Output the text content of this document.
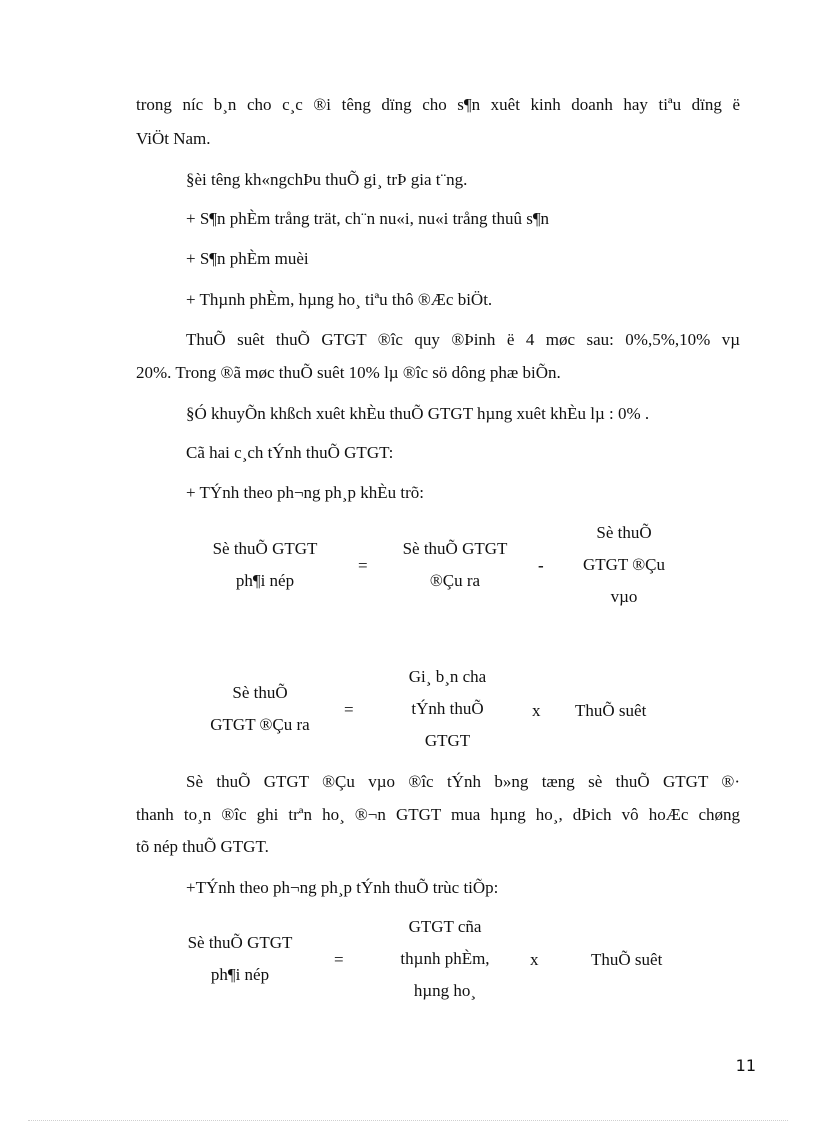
trong níc b¸n cho c¸c ®i têng dïng cho s¶n xuêt kinh doanh hay tiªu dïng ë
ViÖt Nam.
§èi têng kh«ngchÞu thuÕ gi¸ trÞ gia t¨ng.
+ S¶n phÈm trång trät, ch¨n nu«i, nu«i trång thuû s¶n
+ S¶n phÈm muèi
+ Thµnh phÈm, hµng ho¸ tiªu thô ®Æc biÖt.
ThuÕ suêt thuÕ GTGT ®îc quy ®Þinh ë 4 møc sau: 0%,5%,10% vµ
20%. Trong ®ã møc thuÕ suêt 10% lµ ®îc sö dông phæ biÕn.
§Ó khuyÕn khßch xuêt khÈu thuÕ GTGT hµng xuêt khÈu lµ : 0% .
Cã hai c¸ch tÝnh thuÕ GTGT:
+ TÝnh theo ph¬ng ph¸p khÈu trõ:
Sè thuÕ GTGT
ph¶i nép
=
Sè thuÕ GTGT
®Çu ra
-
Sè thuÕ
GTGT ®Çu
vµo
Sè thuÕ
GTGT ®Çu ra
=
Gi¸ b¸n cha
tÝnh thuÕ
GTGT
x ThuÕ suêt
Sè thuÕ GTGT ®Çu vµo ®îc tÝnh b»ng tæng sè thuÕ GTGT ®·
thanh to¸n ®îc ghi trªn ho¸ ®¬n GTGT mua hµng ho¸, dÞich vô hoÆc chøng
tõ nép thuÕ GTGT.
+TÝnh theo ph¬ng ph¸p tÝnh thuÕ trùc tiÕp:
Sè thuÕ GTGT
ph¶i nép
=
GTGT cña
thµnh phÈm,
hµng ho¸
x	ThuÕ suêt
11
